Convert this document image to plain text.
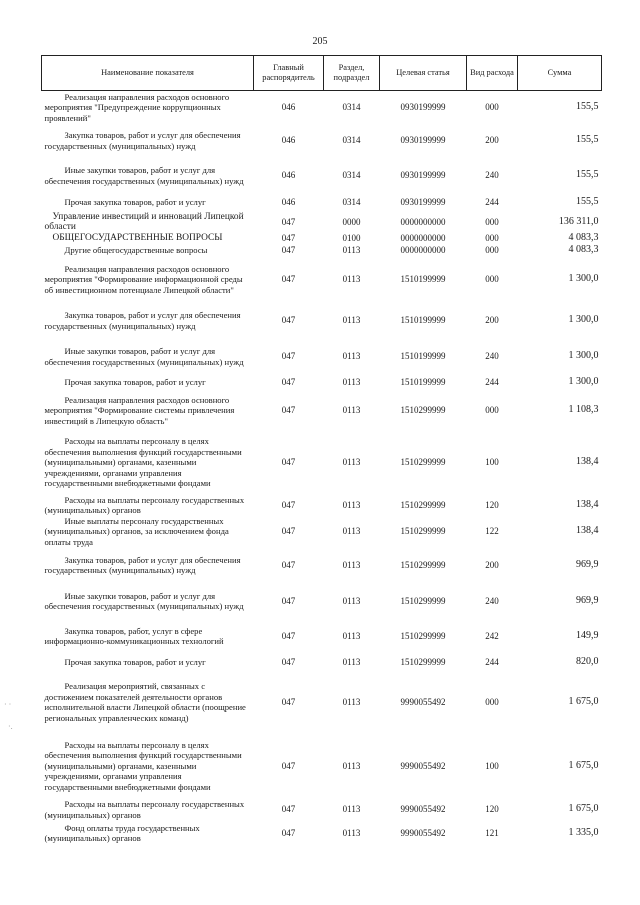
205
Наименование показателя	Главный распорядитель	Раздел, подраздел	Целевая статья	Вид расхода	Сумма
Реализация направления расходов основного мероприятия "Предупреждение коррупционных проявлений"	046	0314	0930199999	000	155,5
Закупка товаров, работ и услуг для обеспечения государственных (муниципальных) нужд	046	0314	0930199999	200	155,5
Иные закупки товаров, работ и услуг для обеспечения государственных (муниципальных) нужд	046	0314	0930199999	240	155,5
Прочая закупка товаров, работ и услуг	046	0314	0930199999	244	155,5
Управление инвестиций и инноваций Липецкой области	047	0000	0000000000	000	136 311,0
ОБЩЕГОСУДАРСТВЕННЫЕ ВОПРОСЫ	047	0100	0000000000	000	4 083,3
Другие общегосударственные вопросы	047	0113	0000000000	000	4 083,3
Реализация направления расходов основного мероприятия "Формирование информационной среды об инвестиционном потенциале Липецкой области"	047	0113	1510199999	000	1 300,0
Закупка товаров, работ и услуг для обеспечения государственных (муниципальных) нужд	047	0113	1510199999	200	1 300,0
Иные закупки товаров, работ и услуг для обеспечения государственных (муниципальных) нужд	047	0113	1510199999	240	1 300,0
Прочая закупка товаров, работ и услуг	047	0113	1510199999	244	1 300,0
Реализация направления расходов основного мероприятия "Формирование системы привлечения инвестиций в Липецкую область"	047	0113	1510299999	000	1 108,3
Расходы на выплаты персоналу в целях обеспечения выполнения функций государственными (муниципальными) органами, казенными учреждениями, органами управления государственными внебюджетными фондами	047	0113	1510299999	100	138,4
Расходы на выплаты персоналу государственных (муниципальных) органов	047	0113	1510299999	120	138,4
Иные выплаты персоналу государственных (муниципальных) органов, за исключением фонда оплаты труда	047	0113	1510299999	122	138,4
Закупка товаров, работ и услуг для обеспечения государственных (муниципальных) нужд	047	0113	1510299999	200	969,9
Иные закупки товаров, работ и услуг для обеспечения государственных (муниципальных) нужд	047	0113	1510299999	240	969,9
Закупка товаров, работ, услуг в сфере информационно-коммуникационных технологий	047	0113	1510299999	242	149,9
Прочая закупка товаров, работ и услуг	047	0113	1510299999	244	820,0
Реализация мероприятий, связанных с достижением показателей деятельности органов исполнительной власти Липецкой области (поощрение региональных управленческих команд)	047	0113	9990055492	000	1 675,0
Расходы на выплаты персоналу в целях обеспечения выполнения функций государственными (муниципальными) органами, казенными учреждениями, органами управления государственными внебюджетными фондами	047	0113	9990055492	100	1 675,0
Расходы на выплаты персоналу государственных (муниципальных) органов	047	0113	9990055492	120	1 675,0
Фонд оплаты труда государственных (муниципальных) органов	047	0113	9990055492	121	1 335,0
· ·
·.
